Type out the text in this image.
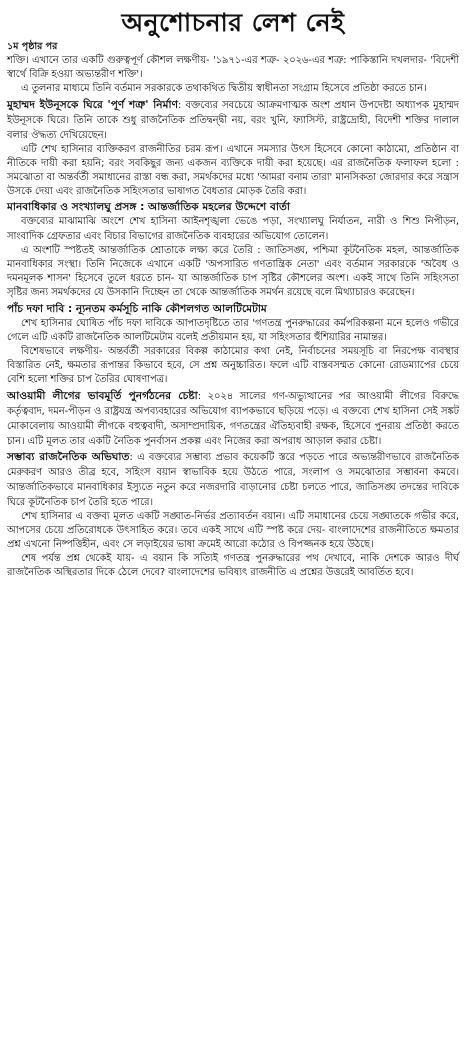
অনুশোচনার লেশ নেই
১ম পৃষ্ঠার পর

শক্তি। এখানে তার একটি গুরুত্বপূর্ণ কৌশল লক্ষণীয়- '১৯৭১-এর শত্রু- ২০২৬-এর শত্রু: পাকিস্তানি দখলদার- 'বিদেশী স্বার্থে বিক্রি হওয়া অভ্যন্তরীণ শক্তি'।

এ তুলনার মাধ্যমে তিনি বর্তমান সরকারকে তথাকথিত দ্বিতীয় স্বাধীনতা সংগ্রাম হিসেবে প্রতিষ্ঠা করতে চান।

মুহাম্মদ ইউনূসকে ঘিরে 'পূর্ণ শত্রু' নির্মাণ: বক্তব্যের সবচেয়ে আক্রমণাত্মক অংশ প্রধান উপদেষ্টা অধ্যাপক মুহাম্মদ ইউনূসকে ঘিরে। তিনি তাকে শুধু রাজনৈতিক প্রতিদ্বন্দ্বী নয়, বরং খুনি, ফ্যাসিস্ট, রাষ্ট্রদ্রোহী, বিদেশী শক্তির দালাল বলার ঔদ্ধত্য দেখিয়েছেন।

এটি শেখ হাসিনার ব্যক্তিকরণ রাজনীতির চরম রূপ। এখানে সমস্যার উৎস হিসেবে কোনো কাঠামো, প্রতিষ্ঠান বা নীতিকে দায়ী করা হয়নি; বরং সবকিছুর জন্য একজন ব্যক্তিকে দায়ী করা হয়েছে। এর রাজনৈতিক ফলাফল হলো : সমঝোতা বা অন্তর্বর্তী সমাধানের রাস্তা বন্ধ করা, সমর্থকদের মধ্যে 'আমরা বনাম তারা' মানসিকতা জোরদার করে সন্ত্রাস উসকে দেয়া এবং রাজনৈতিক সহিংসতার ভাষাগত বৈধতার মোড়ক তৈরি করা।

মানবাধিকার ও সংখ্যালঘু প্রসঙ্গ : আন্তর্জাতিক মহলের উদ্দেশে বার্তা

বক্তব্যের মাঝামাঝি অংশে শেখ হাসিনা আইনশৃঙ্খলা ভেঙে পড়া, সংখ্যালঘু নির্যাতন, নারী ও শিশু নিপীড়ন, সাংবাদিক গ্রেফতার এবং বিচার বিভাগের রাজনৈতিক ব্যবহারের অভিযোগ তোলেন।

এ অংশটি স্পষ্টতই আন্তর্জাতিক শ্রোতাকে লক্ষ্য করে তৈরি : জাতিসঙ্ঘ, পশ্চিমা কূটনৈতিক মহল, আন্তর্জাতিক মানবাধিকার সংস্থা। তিনি নিজেকে এখানে একটি 'অপসারিত গণতান্ত্রিক নেতা' এবং বর্তমান সরকারকে 'অবৈধ ও দমনমূলক শাসন' হিসেবে তুলে ধরতে চান- যা আন্তর্জাতিক চাপ সৃষ্টির কৌশলের অংশ। একই সাথে তিনি সহিংসতা সৃষ্টির জন্য সমর্থকদের যে উসকানি দিচ্ছেন তা থেকে আন্তর্জাতিক সমর্থন রয়েছে বলে মিথ্যাচারও করেছেন।

পাঁচ দফা দাবি : ন্যূনতম কর্মসূচি নাকি কৌশলগত আলটিমেটাম

শেখ হাসিনার ঘোষিত পাঁচ দফা দাবিকে আপাতদৃষ্টিতে তার 'গণতন্ত্র পুনরুদ্ধারের কর্মপরিকল্পনা মনে হলেও গভীরে গেলে এটি একটি রাজনৈতিক আলটিমেটাম বলেই প্রতীয়মান হয়, যা সহিংসতার হুঁশিয়ারির নামান্তর।

বিশেষভাবে লক্ষণীয়- অন্তর্বর্তী সরকারের বিকল্প কাঠামোর কথা নেই, নির্বাচনের সময়সূচি বা নিরপেক্ষ ব্যবস্থার বিস্তারিত নেই, ক্ষমতার রূপান্তর কিভাবে হবে, সে প্রশ্ন অনুচ্চারিত। ফলে এটি বাস্তবসম্মত কোনো রোডম্যাপের চেয়ে বেশি হলো শক্তির চাপ তৈরির ঘোষণাপত্র।

আওয়ামী লীগের ভাবমূর্তি পুনর্গঠনের চেষ্টা: ২০২৪ সালের গণ-অভ্যুত্থানের পর আওয়ামী লীগের বিরুদ্ধে কর্তৃত্ববাদ, দমন-পীড়ন ও রাষ্ট্রযন্ত্র অপব্যবহারের অভিযোগ ব্যাপকভাবে ছড়িয়ে পড়ে। এ বক্তব্যে শেখ হাসিনা সেই সঙ্কট মোকাবেলায় আওয়ামী লীগকে বহুত্ববাদী, অসাম্প্রদায়িক, গণতন্ত্রের ঐতিহ্যবাহী রক্ষক, হিসেবে পুনরায় প্রতিষ্ঠা করতে চান। এটি মূলত তার একটি নৈতিক পুনর্বাসন প্রকল্প এবং নিজের করা অপরাধ আড়াল করার চেষ্টা।
সম্ভাব্য রাজনৈতিক অভিঘাত: এ বক্তব্যের সম্ভাব্য প্রভাব কয়েকটি স্তরে পড়তে পারে অভ্যন্তরীণভাবে রাজনৈতিক মেরুকরণ আরও তীব্র হবে, সহিংস বয়ান স্বাভাবিক হয়ে উঠতে পারে, সংলাপ ও সমঝোতার সম্ভাবনা কমবে। আন্তর্জাতিকভাবে মানবাধিকার ইস্যুতে নতুন করে নজরদারি বাড়ানোর চেষ্টা চলতে পারে, জাতিসঙ্ঘ তদন্তের দাবিকে ঘিরে কূটনৈতিক চাপ তৈরি হতে পারে।

শেখ হাসিনার এ বক্তব্য মূলত একটি সঙ্ঘাত-নির্ভর প্রত্যাবর্তন বয়ান। এটি সমাধানের চেয়ে সঙ্ঘাতকে গভীর করে, আপসের চেয়ে প্রতিরোধকে উৎসাহিত করে। তবে একই সাথে এটি স্পষ্ট করে দেয়- বাংলাদেশের রাজনীতিতে ক্ষমতার প্রশ্ন এখনো নিষ্পত্তিহীন, এবং সে লড়াইয়ের ভাষা ক্রমেই আরো কঠোর ও বিপজ্জনক হয়ে উঠছে।

শেষ পর্যন্ত প্রশ্ন থেকেই যায়- এ বয়ান কি সত্যিই গণতন্ত্র পুনরুদ্ধারের পথ দেখাবে, নাকি দেশকে আরও দীর্ঘ রাজনৈতিক অস্থিরতার দিকে ঠেলে দেবে? বাংলাদেশের ভবিষ্যৎ রাজনীতি এ প্রশ্নের উত্তরেই আবর্তিত হবে।
